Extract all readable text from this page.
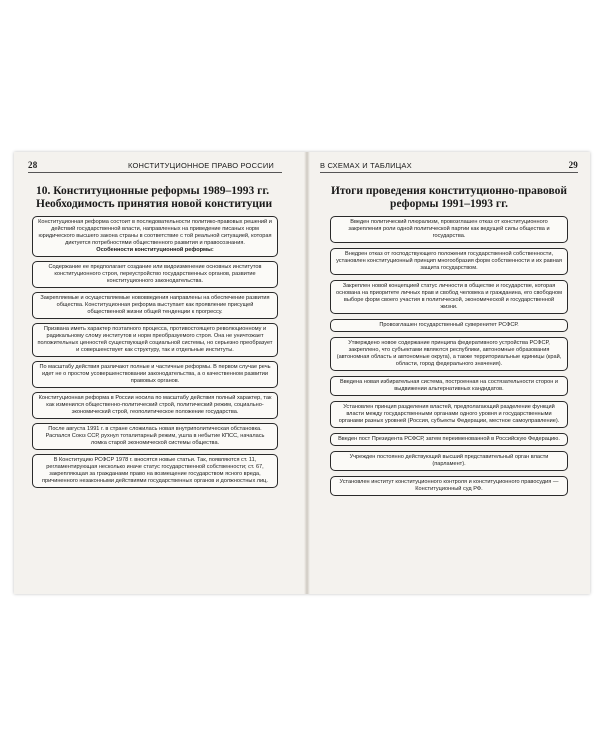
28	КОНСТИТУЦИОННОЕ ПРАВО РОССИИ
10. Конституционные реформы 1989–1993 гг. Необходимость принятия новой конституции
Конституционная реформа состоит в последовательности политико-правовых решений и действий государственной власти, направленных на приведение писаных норм юридического высшего закона страны в соответствие с той реальной ситуацией, которая диктуется потребностями общественного развития и правосознания.
Особенности конституционной реформы:
Содержание ее предполагает создание или видоизменение основных институтов конституционного строя, переустройство государственных органов, развитие конституционного законодательства.
Закрепляемые и осуществляемые нововведения направлены на обеспечение развития общества. Конституционная реформа выступает как проявление присущей общественной жизни общей тенденции к прогрессу.
Призвана иметь характер поэтапного процесса, противостоящего революционному и радикальному слому институтов и норм преобразуемого строя. Она не уничтожает положительных ценностей существующей социальной системы, но серьезно преобразует и совершенствует как структуру, так и отдельные институты.
По масштабу действия различают полные и частичные реформы. В первом случае речь идет не о простом усовершенствовании законодательства, а о качественном развитии правовых органов.
Конституционная реформа в России носила по масштабу действия полный характер, так как изменился общественно-политический строй, политический режим, социально-экономический строй, геополитическое положение государства.
После августа 1991 г. в стране сложилась новая внутриполитическая обстановка. Распался Союз ССР, рухнул тоталитарный режим, ушла в небытие КПСС, началась ломка старой экономической системы общества.
В Конституцию РСФСР 1978 г. вносятся новые статьи. Так, появляются ст. 11, регламентирующая несколько иначе статус государственной собственности; ст. 67, закрепляющая за гражданами право на возмещение государством ясного вреда, причиненного незаконными действиями государственных органов и должностных лиц.
В СХЕМАХ И ТАБЛИЦАХ	29
Итоги проведения конституционно-правовой реформы 1991–1993 гг.
Введен политический плюрализм, провозглашен отказ от конституционного закрепления роли одной политической партии как ведущей силы общества и государства.
Внедрен отказ от господствующего положения государственной собственности, установлен конституционный принцип многообразия форм собственности и их равная защита государством.
Закреплен новой концепцией статус личности в обществе и государстве, которая основана на приоритете личных прав и свобод человека и гражданина, его свободном выборе форм своего участия в политической, экономической и государственной жизни.
Провозглашен государственный суверенитет РСФСР.
Утверждено новое содержание принципа федеративного устройства РСФСР, закреплено, что субъектами являются республики, автономные образования (автономная область и автономные округа), а также территориальные единицы (край, области, город федерального значения).
Введена новая избирательная система, построенная на состязательности сторон и выдвижении альтернативных кандидатов.
Установлен принцип разделения властей, предполагающий разделение функций власти между государственными органами одного уровня и государственными органами разных уровней (Россия, субъекты Федерации, местное самоуправление).
Введен пост Президента РСФСР, затем переименованной в Российскую Федерацию.
Учрежден постоянно действующий высший представительный орган власти (парламент).
Установлен институт конституционного контроля и конституционного правосудия — Конституционный суд РФ.
